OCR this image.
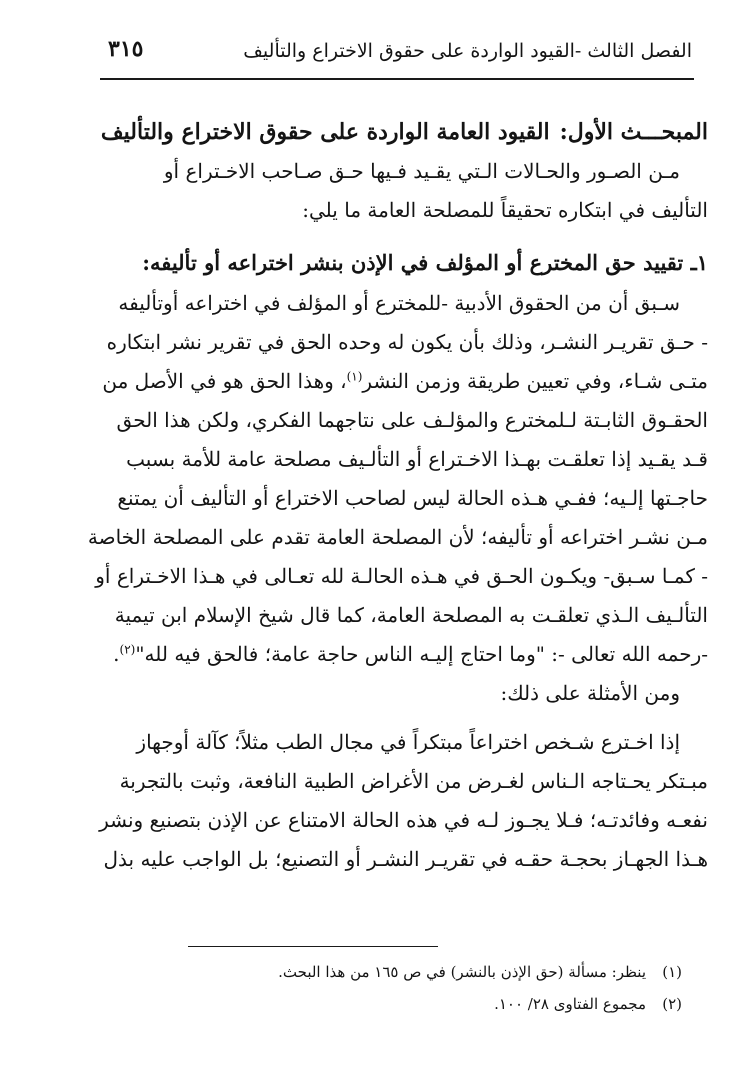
الفصل الثالث -القيود الواردة على حقوق الاختراع والتأليف
٣١٥
المبحـــث الأول:القيود العامة الواردة على حقوق الاختراع والتأليف

مـن الصـور والحـالات الـتي يقـيد فـيها حـق صـاحب الاخـتراع أو

التأليف في ابتكاره تحقيقاً للمصلحة العامة ما يلي:

١ـ تقييد حق المخترع أو المؤلف في الإذن بنشر اختراعه أو تأليفه:

سـبق أن من الحقوق الأدبية -للمخترع أو المؤلف في اختراعه أوتأليفه

- حـق تقريـر النشـر، وذلك بأن يكون له وحده الحق في تقرير نشر ابتكاره

متـى شـاء، وفي تعيين طريقة وزمن النشر$^{(١)}$، وهذا الحق هو في الأصل من

الحقـوق الثابـتة لـلمخترع والمؤلـف على نتاجهما الفكري، ولكن هذا الحق

قـد يقـيد إذا تعلقـت بهـذا الاخـتراع أو التألـيف مصلحة عامة للأمة بسبب

حاجـتها إلـيه؛ ففـي هـذه الحالة ليس لصاحب الاختراع أو التأليف أن يمتنع

مـن نشـر اختراعه أو تأليفه؛ لأن المصلحة العامة تقدم على المصلحة الخاصة

- كمـا سـبق- ويكـون الحـق في هـذه الحالـة لله تعـالى في هـذا الاخـتراع أو

التألـيف الـذي تعلقـت به المصلحة العامة، كما قال شيخ الإسلام ابن تيمية

-رحمه الله تعالى -: "وما احتاج إليـه الناس حاجة عامة؛ فالحق فيه لله"$^{(٢)}$.

ومن الأمثلة على ذلك:

إذا اخـترع شـخص اختراعاً مبتكراً في مجال الطب مثلاً؛ كآلة أوجهاز

مبـتكر يحـتاجه الـناس لغـرض من الأغراض الطبية النافعة، وثبت بالتجربة

نفعـه وفائدتـه؛ فـلا يجـوز لـه في هذه الحالة الامتناع عن الإذن بتصنيع ونشر

هـذا الجهـاز بحجـة حقـه في تقريـر النشـر أو التصنيع؛ بل الواجب عليه بذل

(١)ينظر: مسألة (حق الإذن بالنشر) في ص ١٦٥ من هذا البحث.

(٢)مجموع الفتاوى ٢٨/ ١٠٠.
